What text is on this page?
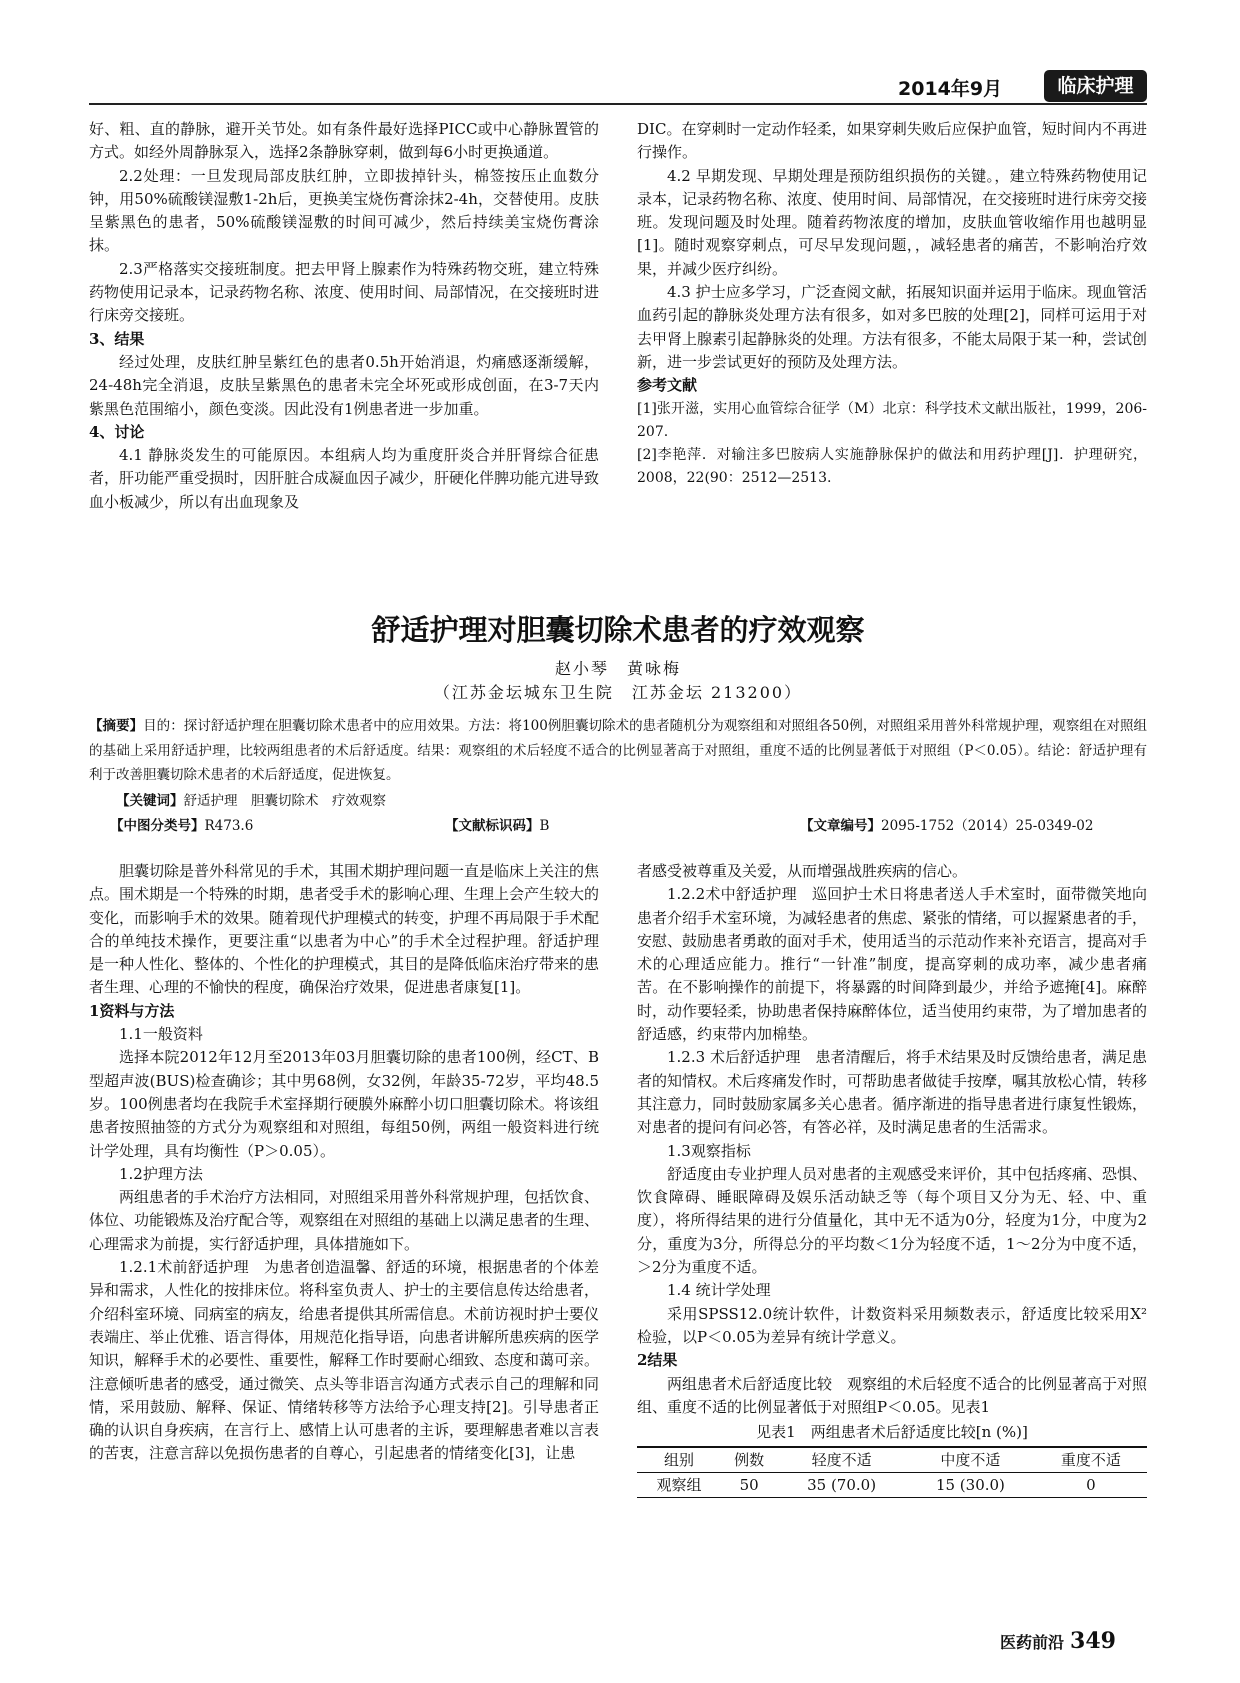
2014年9月	临床护理

好、粗、直的静脉，避开关节处。如有条件最好选择PICC或中心静脉置管的方式。如经外周静脉泵入，选择2条静脉穿刺，做到每6小时更换通道。

2.2处理：一旦发现局部皮肤红肿，立即拔掉针头，棉签按压止血数分钟，用50%硫酸镁湿敷1-2h后，更换美宝烧伤膏涂抹2-4h，交替使用。皮肤呈紫黑色的患者，50%硫酸镁湿敷的时间可减少，然后持续美宝烧伤膏涂抹。

2.3严格落实交接班制度。把去甲肾上腺素作为特殊药物交班，建立特殊药物使用记录本，记录药物名称、浓度、使用时间、局部情况，在交接班时进行床旁交接班。

3、结果

经过处理，皮肤红肿呈紫红色的患者0.5h开始消退，灼痛感逐渐缓解，24-48h完全消退，皮肤呈紫黑色的患者未完全坏死或形成创面，在3-7天内紫黑色范围缩小，颜色变淡。因此没有1例患者进一步加重。

4、讨论

4.1 静脉炎发生的可能原因。本组病人均为重度肝炎合并肝肾综合征患者，肝功能严重受损时，因肝脏合成凝血因子减少，肝硬化伴脾功能亢进导致血小板减少，所以有出血现象及

DIC。在穿刺时一定动作轻柔，如果穿刺失败后应保护血管，短时间内不再进行操作。

4.2 早期发现、早期处理是预防组织损伤的关键。，建立特殊药物使用记录本，记录药物名称、浓度、使用时间、局部情况，在交接班时进行床旁交接班。发现问题及时处理。随着药物浓度的增加，皮肤血管收缩作用也越明显[1]。随时观察穿刺点，可尽早发现问题，，减轻患者的痛苦，不影响治疗效果，并减少医疗纠纷。

4.3 护士应多学习，广泛查阅文献，拓展知识面并运用于临床。现血管活血药引起的静脉炎处理方法有很多，如对多巴胺的处理[2]，同样可运用于对去甲肾上腺素引起静脉炎的处理。方法有很多，不能太局限于某一种，尝试创新，进一步尝试更好的预防及处理方法。

参考文献

[1]张开滋，实用心血管综合征学（M）北京：科学技术文献出版社，1999，206-207.

[2]李艳萍．对输注多巴胺病人实施静脉保护的做法和用药护理[J]．护理研究，2008，22(90：2512—2513.

舒适护理对胆囊切除术患者的疗效观察
赵小琴　黄咏梅
（江苏金坛城东卫生院　江苏金坛 213200）
【摘要】目的：探讨舒适护理在胆囊切除术患者中的应用效果。方法：将100例胆囊切除术的患者随机分为观察组和对照组各50例，对照组采用普外科常规护理，观察组在对照组的基础上采用舒适护理，比较两组患者的术后舒适度。结果：观察组的术后轻度不适合的比例显著高于对照组，重度不适的比例显著低于对照组（P＜0.05）。结论：舒适护理有利于改善胆囊切除术患者的术后舒适度，促进恢复。
【关键词】舒适护理　胆囊切除术　疗效观察
【中图分类号】R473.6	【文献标识码】B	【文章编号】2095-1752（2014）25-0349-02

胆囊切除是普外科常见的手术，其围术期护理问题一直是临床上关注的焦点。围术期是一个特殊的时期，患者受手术的影响心理、生理上会产生较大的变化，而影响手术的效果。随着现代护理模式的转变，护理不再局限于手术配合的单纯技术操作，更要注重“以患者为中心”的手术全过程护理。舒适护理是一种人性化、整体的、个性化的护理模式，其目的是降低临床治疗带来的患者生理、心理的不愉快的程度，确保治疗效果，促进患者康复[1]。

1资料与方法

1.1一般资料

选择本院2012年12月至2013年03月胆囊切除的患者100例，经CT、B型超声波(BUS)检查确诊；其中男68例，女32例，年龄35-72岁，平均48.5岁。100例患者均在我院手术室择期行硬膜外麻醉小切口胆囊切除术。将该组患者按照抽签的方式分为观察组和对照组，每组50例，两组一般资料进行统计学处理，具有均衡性（P＞0.05）。

1.2护理方法

两组患者的手术治疗方法相同，对照组采用普外科常规护理，包括饮食、体位、功能锻炼及治疗配合等，观察组在对照组的基础上以满足患者的生理、心理需求为前提，实行舒适护理，具体措施如下。

1.2.1术前舒适护理　为患者创造温馨、舒适的环境，根据患者的个体差异和需求，人性化的按排床位。将科室负责人、护士的主要信息传达给患者，介绍科室环境、同病室的病友，给患者提供其所需信息。术前访视时护士要仪表端庄、举止优雅、语言得体，用规范化指导语，向患者讲解所患疾病的医学知识，解释手术的必要性、重要性，解释工作时要耐心细致、态度和蔼可亲。注意倾听患者的感受，通过微笑、点头等非语言沟通方式表示自己的理解和同情，采用鼓励、解释、保证、情绪转移等方法给予心理支持[2]。引导患者正确的认识自身疾病，在言行上、感情上认可患者的主诉，要理解患者难以言表的苦衷，注意言辞以免损伤患者的自尊心，引起患者的情绪变化[3]，让患

者感受被尊重及关爱，从而增强战胜疾病的信心。

1.2.2术中舒适护理　巡回护士术日将患者送人手术室时，面带微笑地向患者介绍手术室环境，为减轻患者的焦虑、紧张的情绪，可以握紧患者的手，安慰、鼓励患者勇敢的面对手术，使用适当的示范动作来补充语言，提高对手术的心理适应能力。推行“一针准”制度，提高穿刺的成功率，减少患者痛苦。在不影响操作的前提下，将暴露的时间降到最少，并给予遮掩[4]。麻醉时，动作要轻柔，协助患者保持麻醉体位，适当使用约束带，为了增加患者的舒适感，约束带内加棉垫。

1.2.3 术后舒适护理　患者清醒后，将手术结果及时反馈给患者，满足患者的知情权。术后疼痛发作时，可帮助患者做徒手按摩，嘱其放松心情，转移其注意力，同时鼓励家属多关心患者。循序渐进的指导患者进行康复性锻炼，对患者的提问有问必答，有答必祥，及时满足患者的生活需求。

1.3观察指标

舒适度由专业护理人员对患者的主观感受来评价，其中包括疼痛、恐惧、饮食障碍、睡眠障碍及娱乐活动缺乏等（每个项目又分为无、轻、中、重度），将所得结果的进行分值量化，其中无不适为0分，轻度为1分，中度为2分，重度为3分，所得总分的平均数＜1分为轻度不适，1～2分为中度不适，＞2分为重度不适。

1.4 统计学处理

采用SPSS12.0统计软件，计数资料采用频数表示，舒适度比较采用X²检验，以P＜0.05为差异有统计学意义。

2结果

两组患者术后舒适度比较　观察组的术后轻度不适合的比例显著高于对照组、重度不适的比例显著低于对照组P＜0.05。见表1

见表1　两组患者术后舒适度比较[n (%)]
组别	例数	轻度不适	中度不适	重度不适
观察组	50	35 (70.0)	15 (30.0)	0
医药前沿 349
